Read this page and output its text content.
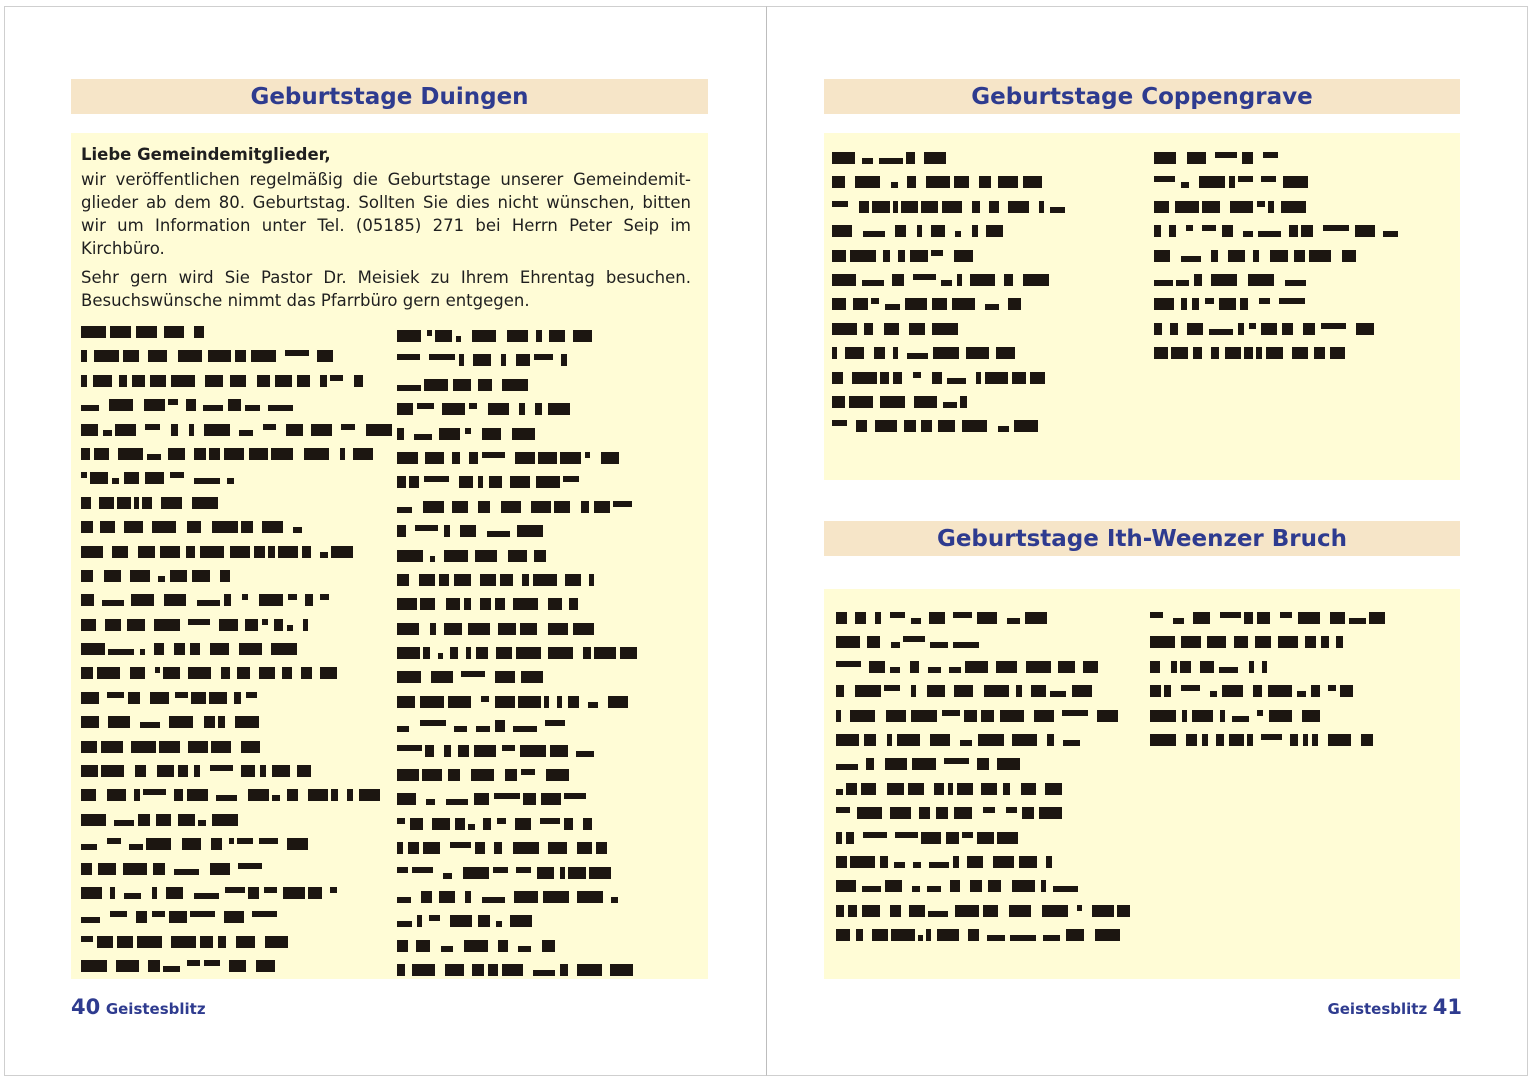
Geburtstage Duingen
Liebe Gemeindemitglieder,

wir veröffentlichen regelmäßig die Geburtstage unserer Gemeindemit-glieder ab dem 80. Geburtstag. Sollten Sie dies nicht wünschen, bitten wir um Information unter Tel. (05185) 271 bei Herrn Peter Seip im Kirchbüro.

Sehr gern wird Sie Pastor Dr. Meisiek zu Ihrem Ehrentag besuchen. Besuchswünsche nimmt das Pfarrbüro gern entgegen.

40 Geistesblitz
Geburtstage Coppengrave
Geburtstage Ith-Weenzer Bruch
Geistesblitz 41
